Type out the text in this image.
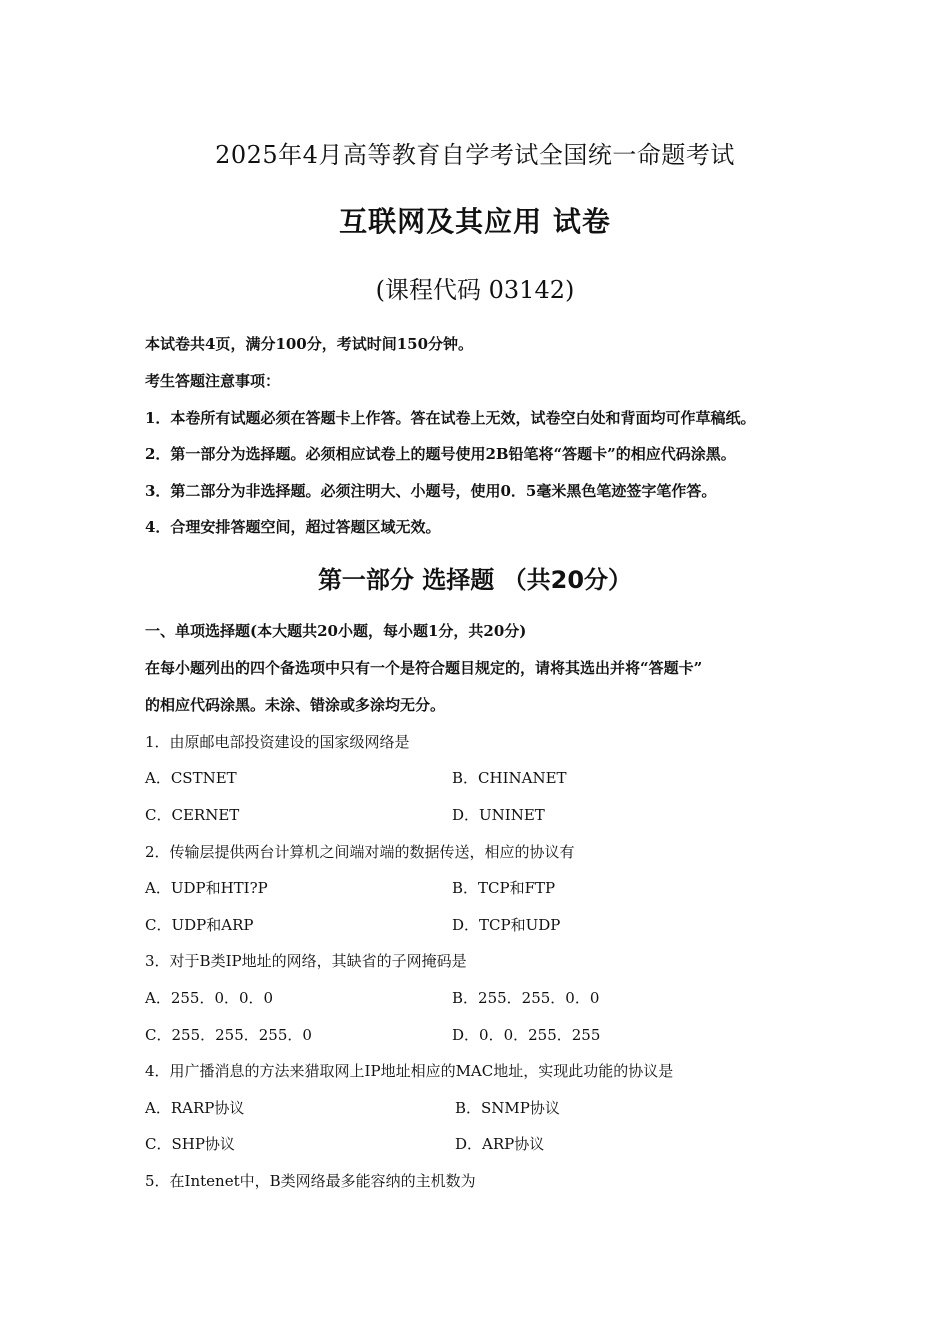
2025年4月高等教育自学考试全国统一命题考试
互联网及其应用 试卷
(课程代码 03142)
本试卷共4页，满分100分，考试时间150分钟。
考生答题注意事项：
1．本卷所有试题必须在答题卡上作答。答在试卷上无效，试卷空白处和背面均可作草稿纸。
2．第一部分为选择题。必须相应试卷上的题号使用2B铅笔将“答题卡”的相应代码涂黑。
3．第二部分为非选择题。必须注明大、小题号，使用0．5毫米黑色笔迹签字笔作答。
4．合理安排答题空间，超过答题区域无效。
第一部分 选择题 （共20分）
一、单项选择题(本大题共20小题，每小题1分，共20分)
在每小题列出的四个备选项中只有一个是符合题目规定的，请将其选出并将“答题卡”
的相应代码涂黑。未涂、错涂或多涂均无分。
1．由原邮电部投资建设的国家级网络是
A．CSTNET	B．CHINANET
C．CERNET	D．UNINET
2．传输层提供两台计算机之间端对端的数据传送，相应的协议有
A．UDP和HTI?P	B．TCP和FTP
C．UDP和ARP	D．TCP和UDP
3．对于B类IP地址的网络，其缺省的子网掩码是
A．255．0．0．0	B．255．255．0．0
C．255．255．255．0	D．0．0．255．255
4．用广播消息的方法来猎取网上IP地址相应的MAC地址，实现此功能的协议是
A．RARP协议	B．SNMP协议
C．SHP协议	D．ARP协议
5．在Intenet中，B类网络最多能容纳的主机数为
